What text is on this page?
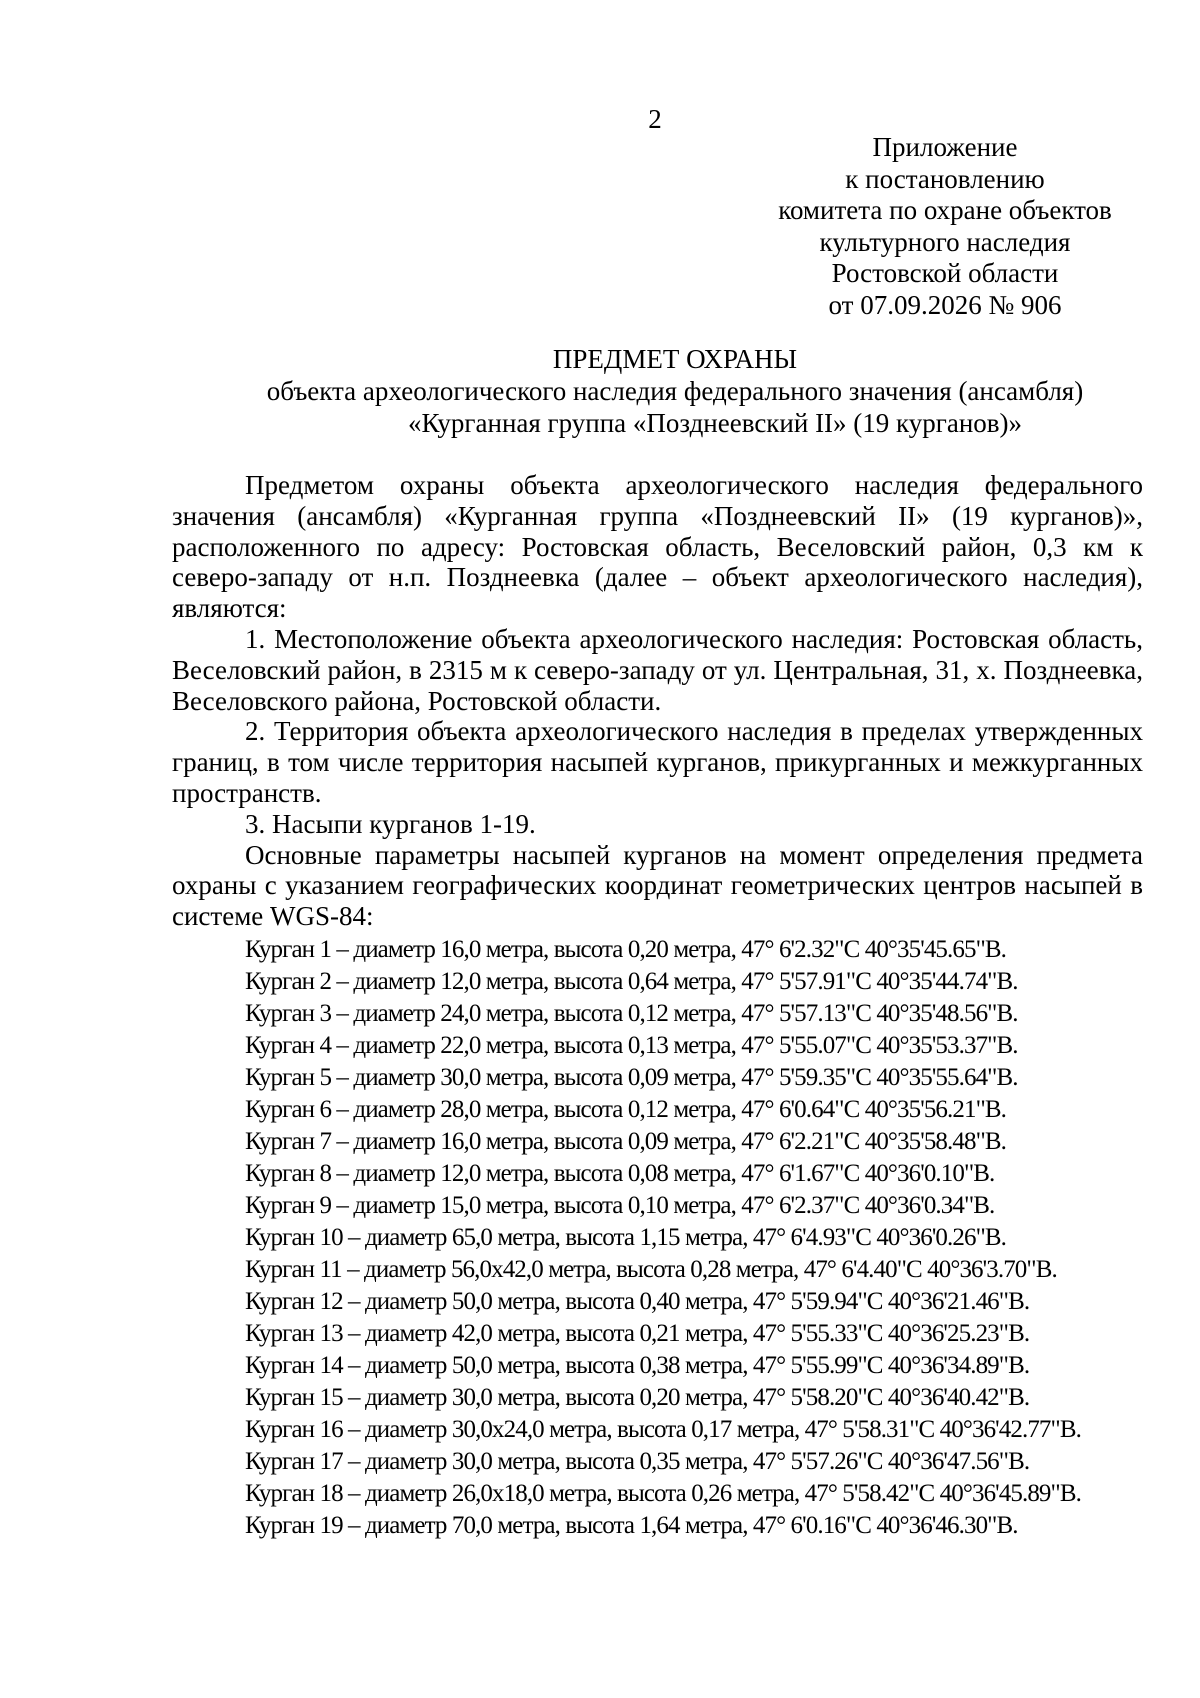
2
Приложение
к постановлению
комитета по охране объектов
культурного наследия
Ростовской области
от 07.09.2026 № 906
ПРЕДМЕТ ОХРАНЫ
объекта археологического наследия федерального значения (ансамбля)
«Курганная группа «Позднеевский II» (19 курганов)»

Предметом охраны объекта археологического наследия федерального значения (ансамбля) «Курганная группа «Позднеевский II» (19 курганов)», расположенного по адресу: Ростовская область, Веселовский район, 0,3 км к северо-западу от н.п. Позднеевка (далее – объект археологического наследия), являются:

1. Местоположение объекта археологического наследия: Ростовская область, Веселовский район, в 2315 м к северо-западу от ул. Центральная, 31, х. Позднеевка, Веселовского района, Ростовской области.

2. Территория объекта археологического наследия в пределах утвержденных границ, в том числе территория насыпей курганов, прикурганных и межкурганных пространств.

3. Насыпи курганов 1-19.

Основные параметры насыпей курганов на момент определения предмета охраны с указанием географических координат геометрических центров насыпей в системе WGS-84:

Курган 1 – диаметр 16,0 метра, высота 0,20 метра, 47° 6'2.32"С 40°35'45.65"В.
Курган 2 – диаметр 12,0 метра, высота 0,64 метра, 47° 5'57.91"С 40°35'44.74"В.
Курган 3 – диаметр 24,0 метра, высота 0,12 метра, 47° 5'57.13"С 40°35'48.56"В.
Курган 4 – диаметр 22,0 метра, высота 0,13 метра, 47° 5'55.07"С 40°35'53.37"В.
Курган 5 – диаметр 30,0 метра, высота 0,09 метра, 47° 5'59.35"С 40°35'55.64"В.
Курган 6 – диаметр 28,0 метра, высота 0,12 метра, 47° 6'0.64"С 40°35'56.21"В.
Курган 7 – диаметр 16,0 метра, высота 0,09 метра, 47° 6'2.21"С 40°35'58.48"В.
Курган 8 – диаметр 12,0 метра, высота 0,08 метра, 47° 6'1.67"С 40°36'0.10"В.
Курган 9 – диаметр 15,0 метра, высота 0,10 метра, 47° 6'2.37"С 40°36'0.34"В.
Курган 10 – диаметр 65,0 метра, высота 1,15 метра, 47° 6'4.93"С 40°36'0.26"В.
Курган 11 – диаметр 56,0х42,0 метра, высота 0,28 метра, 47° 6'4.40"С 40°36'3.70"В.
Курган 12 – диаметр 50,0 метра, высота 0,40 метра, 47° 5'59.94"С 40°36'21.46"В.
Курган 13 – диаметр 42,0 метра, высота 0,21 метра, 47° 5'55.33"С 40°36'25.23"В.
Курган 14 – диаметр 50,0 метра, высота 0,38 метра, 47° 5'55.99"С 40°36'34.89"В.
Курган 15 – диаметр 30,0 метра, высота 0,20 метра, 47° 5'58.20"С 40°36'40.42"В.
Курган 16 – диаметр 30,0х24,0 метра, высота 0,17 метра, 47° 5'58.31"С 40°36'42.77"В.
Курган 17 – диаметр 30,0 метра, высота 0,35 метра, 47° 5'57.26"С 40°36'47.56"В.
Курган 18 – диаметр 26,0х18,0 метра, высота 0,26 метра, 47° 5'58.42"С 40°36'45.89"В.
Курган 19 – диаметр 70,0 метра, высота 1,64 метра, 47° 6'0.16"С 40°36'46.30"В.
